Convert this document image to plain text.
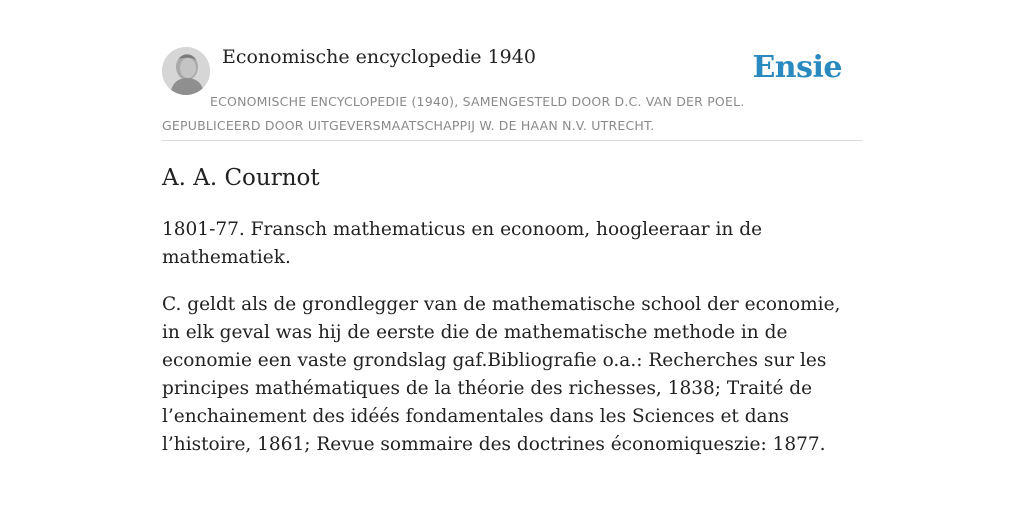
Economische encyclopedie 1940	Ensie
ECONOMISCHE ENCYCLOPEDIE (1940), SAMENGESTELD DOOR D.C. VAN DER POEL. GEPUBLICEERD DOOR UITGEVERSMAATSCHAPPIJ W. DE HAAN N.V. UTRECHT.
A. A. Cournot

1801-77. Fransch mathematicus en econoom, hoogleeraar in de mathematiek.

C. geldt als de grondlegger van de mathematische school der economie, in elk geval was hij de eerste die de mathematische methode in de economie een vaste grondslag gaf.Bibliografie o.a.: Recherches sur les principes mathématiques de la théorie des richesses, 1838; Traité de l’enchainement des idéés fondamentales dans les Sciences et dans l’histoire, 1861; Revue sommaire des doctrines économiqueszie: 1877.
